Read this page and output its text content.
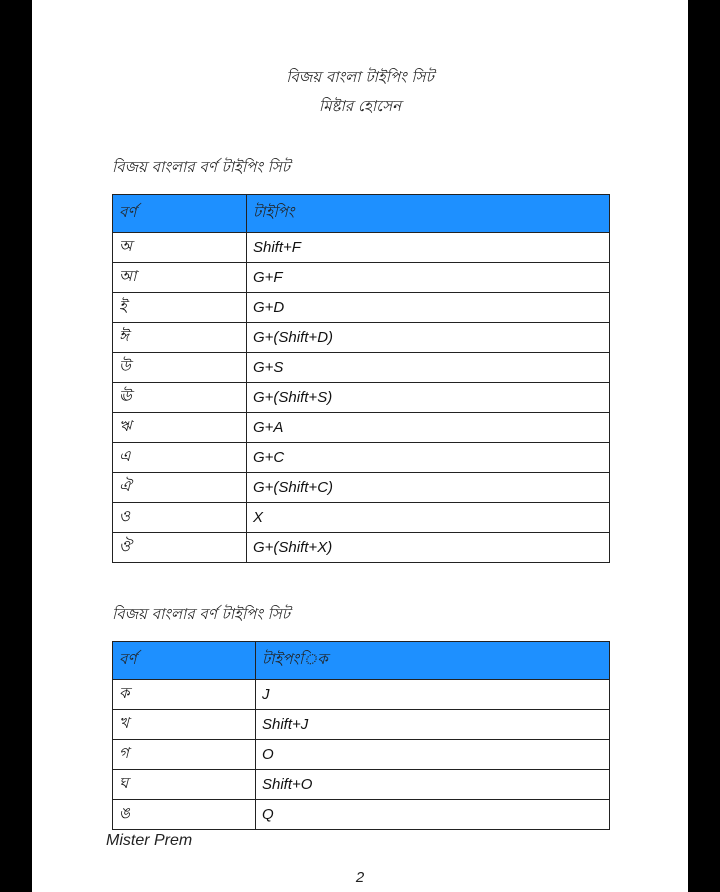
বিজয় বাংলা টাইপিং সিট
মিষ্টার হোসেন
বিজয় বাংলার বর্ণ টাইপিং সিট
বর্ণ	টাইপিং
অ	Shift+F
আ	G+F
ই	G+D
ঈ	G+(Shift+D)
উ	G+S
ঊ	G+(Shift+S)
ঋ	G+A
এ	G+C
ঐ	G+(Shift+C)
ও	X
ঔ	G+(Shift+X)
বিজয় বাংলার বর্ণ টাইপিং সিট
বর্ণ	টাইপংিক
ক	J
খ	Shift+J
গ	O
ঘ	Shift+O
ঙ	Q
Mister Prem
2
